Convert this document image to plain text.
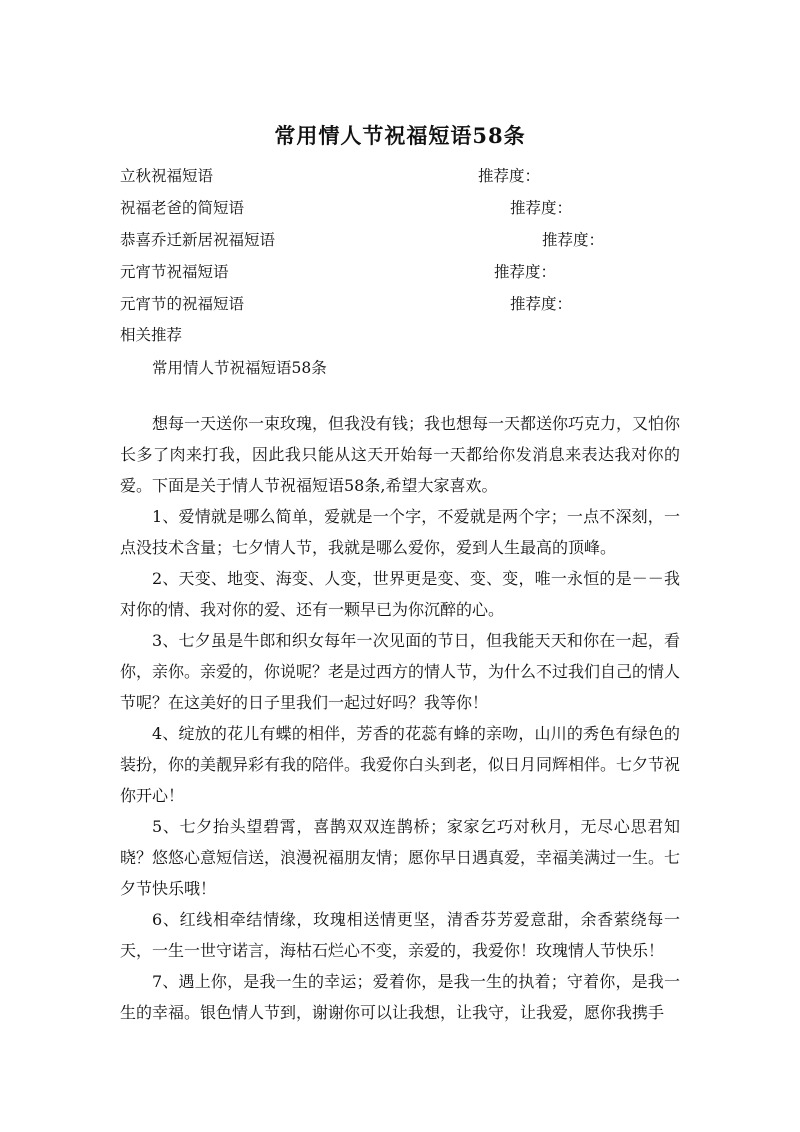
常用情人节祝福短语58条
立秋祝福短语	推荐度：
祝福老爸的简短语	推荐度：
恭喜乔迁新居祝福短语	推荐度：
元宵节祝福短语	推荐度：
元宵节的祝福短语	推荐度：
相关推荐
常用情人节祝福短语58条

想每一天送你一束玫瑰，但我没有钱；我也想每一天都送你巧克力，又怕你长多了肉来打我，因此我只能从这天开始每一天都给你发消息来表达我对你的爱。下面是关于情人节祝福短语58条,希望大家喜欢。

1、爱情就是哪么简单，爱就是一个字，不爱就是两个字；一点不深刻，一点没技术含量；七夕情人节，我就是哪么爱你，爱到人生最高的顶峰。

2、天变、地变、海变、人变，世界更是变、变、变，唯一永恒的是－－我对你的情、我对你的爱、还有一颗早已为你沉醉的心。

3、七夕虽是牛郎和织女每年一次见面的节日，但我能天天和你在一起，看你，亲你。亲爱的，你说呢？老是过西方的情人节，为什么不过我们自己的情人节呢？在这美好的日子里我们一起过好吗？我等你！

4、绽放的花儿有蝶的相伴，芳香的花蕊有蜂的亲吻，山川的秀色有绿色的装扮，你的美靓异彩有我的陪伴。我爱你白头到老，似日月同辉相伴。七夕节祝你开心！

5、七夕抬头望碧霄，喜鹊双双连鹊桥；家家乞巧对秋月，无尽心思君知晓？悠悠心意短信送，浪漫祝福朋友情；愿你早日遇真爱，幸福美满过一生。七夕节快乐哦！

6、红线相牵结情缘，玫瑰相送情更坚，清香芬芳爱意甜，余香萦绕每一天，一生一世守诺言，海枯石烂心不变，亲爱的，我爱你！玫瑰情人节快乐！

7、遇上你，是我一生的幸运；爱着你，是我一生的执着；守着你，是我一生的幸福。银色情人节到，谢谢你可以让我想，让我守，让我爱，愿你我携手
